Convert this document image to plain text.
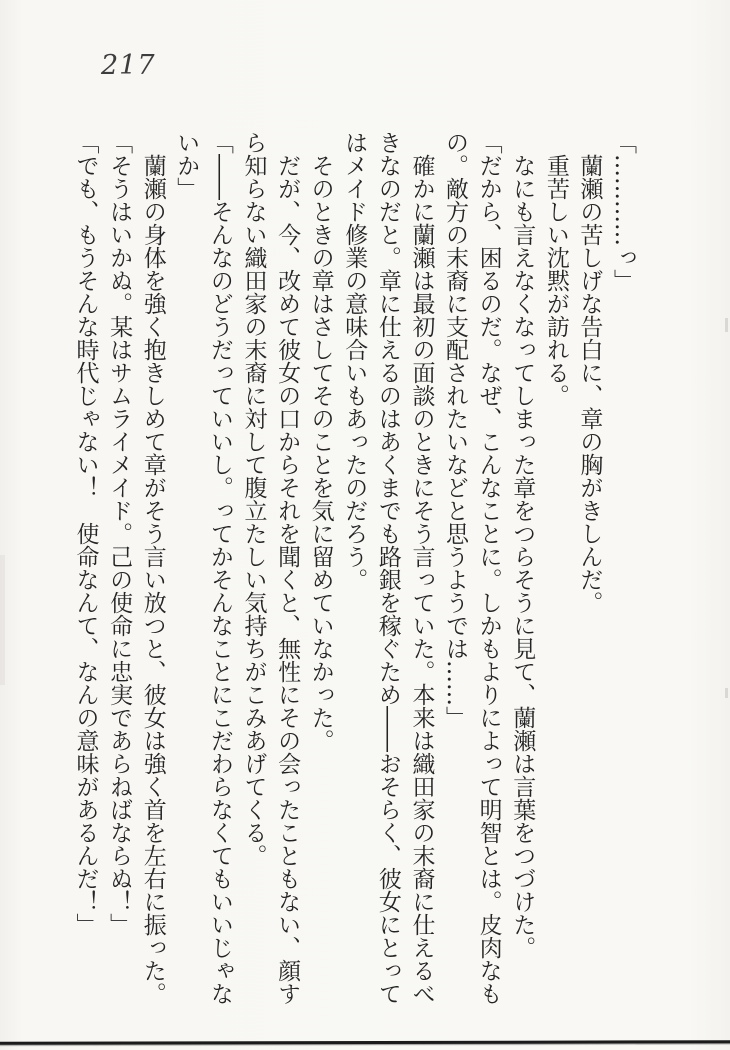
217

「…………っ」

蘭瀬の苦しげな告白に、章の胸がきしんだ。

重苦しい沈黙が訪れる。

なにも言えなくなってしまった章をつらそうに見て、蘭瀬は言葉をつづけた。

「だから、困るのだ。なぜ、こんなことに。しかもよりによって明智とは。皮肉なも
の。敵方の末裔に支配されたいなどと思うようでは……」

確かに蘭瀬は最初の面談のときにそう言っていた。本来は織田家の末裔に仕えるべ
きなのだと。章に仕えるのはあくまでも路銀を稼ぐため――おそらく、彼女にとって
はメイド修業の意味合いもあったのだろう。

そのときの章はさしてそのことを気に留めていなかった。

だが、今、改めて彼女の口からそれを聞くと、無性にその会ったこともない、顔す
ら知らない織田家の末裔に対して腹立たしい気持ちがこみあげてくる。

「――そんなのどうだっていいし。ってかそんなことにこだわらなくてもいいじゃな
いか」

蘭瀬の身体を強く抱きしめて章がそう言い放つと、彼女は強く首を左右に振った。

「そうはいかぬ。某はサムライメイド。己の使命に忠実であらねばならぬ！」

「でも、もうそんな時代じゃない！　使命なんて、なんの意味があるんだ！」
